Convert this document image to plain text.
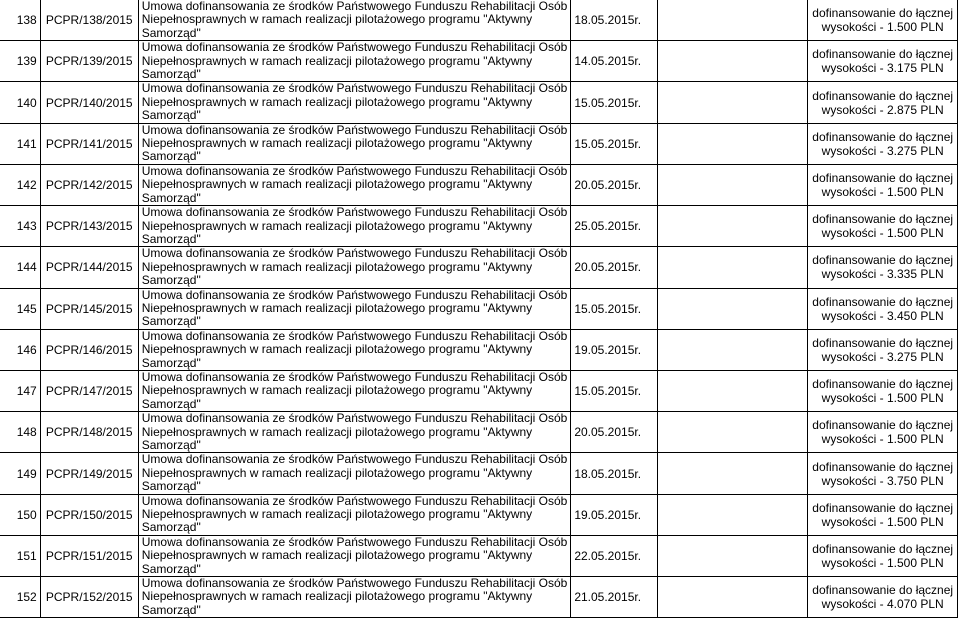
138	PCPR/138/2015	Umowa dofinansowania ze środków Państwowego Funduszu Rehabilitacji Osób
Niepełnosprawnych w ramach realizacji pilotażowego programu "Aktywny
Samorząd"	18.05.2015r.		dofinansowanie do łącznej
wysokości - 1.500 PLN

139	PCPR/139/2015	Umowa dofinansowania ze środków Państwowego Funduszu Rehabilitacji Osób
Niepełnosprawnych w ramach realizacji pilotażowego programu "Aktywny
Samorząd"	14.05.2015r.		dofinansowanie do łącznej
wysokości - 3.175 PLN

140	PCPR/140/2015	Umowa dofinansowania ze środków Państwowego Funduszu Rehabilitacji Osób
Niepełnosprawnych w ramach realizacji pilotażowego programu "Aktywny
Samorząd"	15.05.2015r.		dofinansowanie do łącznej
wysokości - 2.875 PLN

141	PCPR/141/2015	Umowa dofinansowania ze środków Państwowego Funduszu Rehabilitacji Osób
Niepełnosprawnych w ramach realizacji pilotażowego programu "Aktywny
Samorząd"	15.05.2015r.		dofinansowanie do łącznej
wysokości - 3.275 PLN

142	PCPR/142/2015	Umowa dofinansowania ze środków Państwowego Funduszu Rehabilitacji Osób
Niepełnosprawnych w ramach realizacji pilotażowego programu "Aktywny
Samorząd"	20.05.2015r.		dofinansowanie do łącznej
wysokości - 1.500 PLN

143	PCPR/143/2015	Umowa dofinansowania ze środków Państwowego Funduszu Rehabilitacji Osób
Niepełnosprawnych w ramach realizacji pilotażowego programu "Aktywny
Samorząd"	25.05.2015r.		dofinansowanie do łącznej
wysokości - 1.500 PLN

144	PCPR/144/2015	Umowa dofinansowania ze środków Państwowego Funduszu Rehabilitacji Osób
Niepełnosprawnych w ramach realizacji pilotażowego programu "Aktywny
Samorząd"	20.05.2015r.		dofinansowanie do łącznej
wysokości - 3.335 PLN

145	PCPR/145/2015	Umowa dofinansowania ze środków Państwowego Funduszu Rehabilitacji Osób
Niepełnosprawnych w ramach realizacji pilotażowego programu "Aktywny
Samorząd"	15.05.2015r.		dofinansowanie do łącznej
wysokości - 3.450 PLN

146	PCPR/146/2015	Umowa dofinansowania ze środków Państwowego Funduszu Rehabilitacji Osób
Niepełnosprawnych w ramach realizacji pilotażowego programu "Aktywny
Samorząd"	19.05.2015r.		dofinansowanie do łącznej
wysokości - 3.275 PLN

147	PCPR/147/2015	Umowa dofinansowania ze środków Państwowego Funduszu Rehabilitacji Osób
Niepełnosprawnych w ramach realizacji pilotażowego programu "Aktywny
Samorząd"	15.05.2015r.		dofinansowanie do łącznej
wysokości - 1.500 PLN

148	PCPR/148/2015	Umowa dofinansowania ze środków Państwowego Funduszu Rehabilitacji Osób
Niepełnosprawnych w ramach realizacji pilotażowego programu "Aktywny
Samorząd"	20.05.2015r.		dofinansowanie do łącznej
wysokości - 1.500 PLN

149	PCPR/149/2015	Umowa dofinansowania ze środków Państwowego Funduszu Rehabilitacji Osób
Niepełnosprawnych w ramach realizacji pilotażowego programu "Aktywny
Samorząd"	18.05.2015r.		dofinansowanie do łącznej
wysokości - 3.750 PLN

150	PCPR/150/2015	Umowa dofinansowania ze środków Państwowego Funduszu Rehabilitacji Osób
Niepełnosprawnych w ramach realizacji pilotażowego programu "Aktywny
Samorząd"	19.05.2015r.		dofinansowanie do łącznej
wysokości - 1.500 PLN

151	PCPR/151/2015	Umowa dofinansowania ze środków Państwowego Funduszu Rehabilitacji Osób
Niepełnosprawnych w ramach realizacji pilotażowego programu "Aktywny
Samorząd"	22.05.2015r.		dofinansowanie do łącznej
wysokości - 1.500 PLN

152	PCPR/152/2015	Umowa dofinansowania ze środków Państwowego Funduszu Rehabilitacji Osób
Niepełnosprawnych w ramach realizacji pilotażowego programu "Aktywny
Samorząd"	21.05.2015r.		dofinansowanie do łącznej
wysokości - 4.070 PLN
